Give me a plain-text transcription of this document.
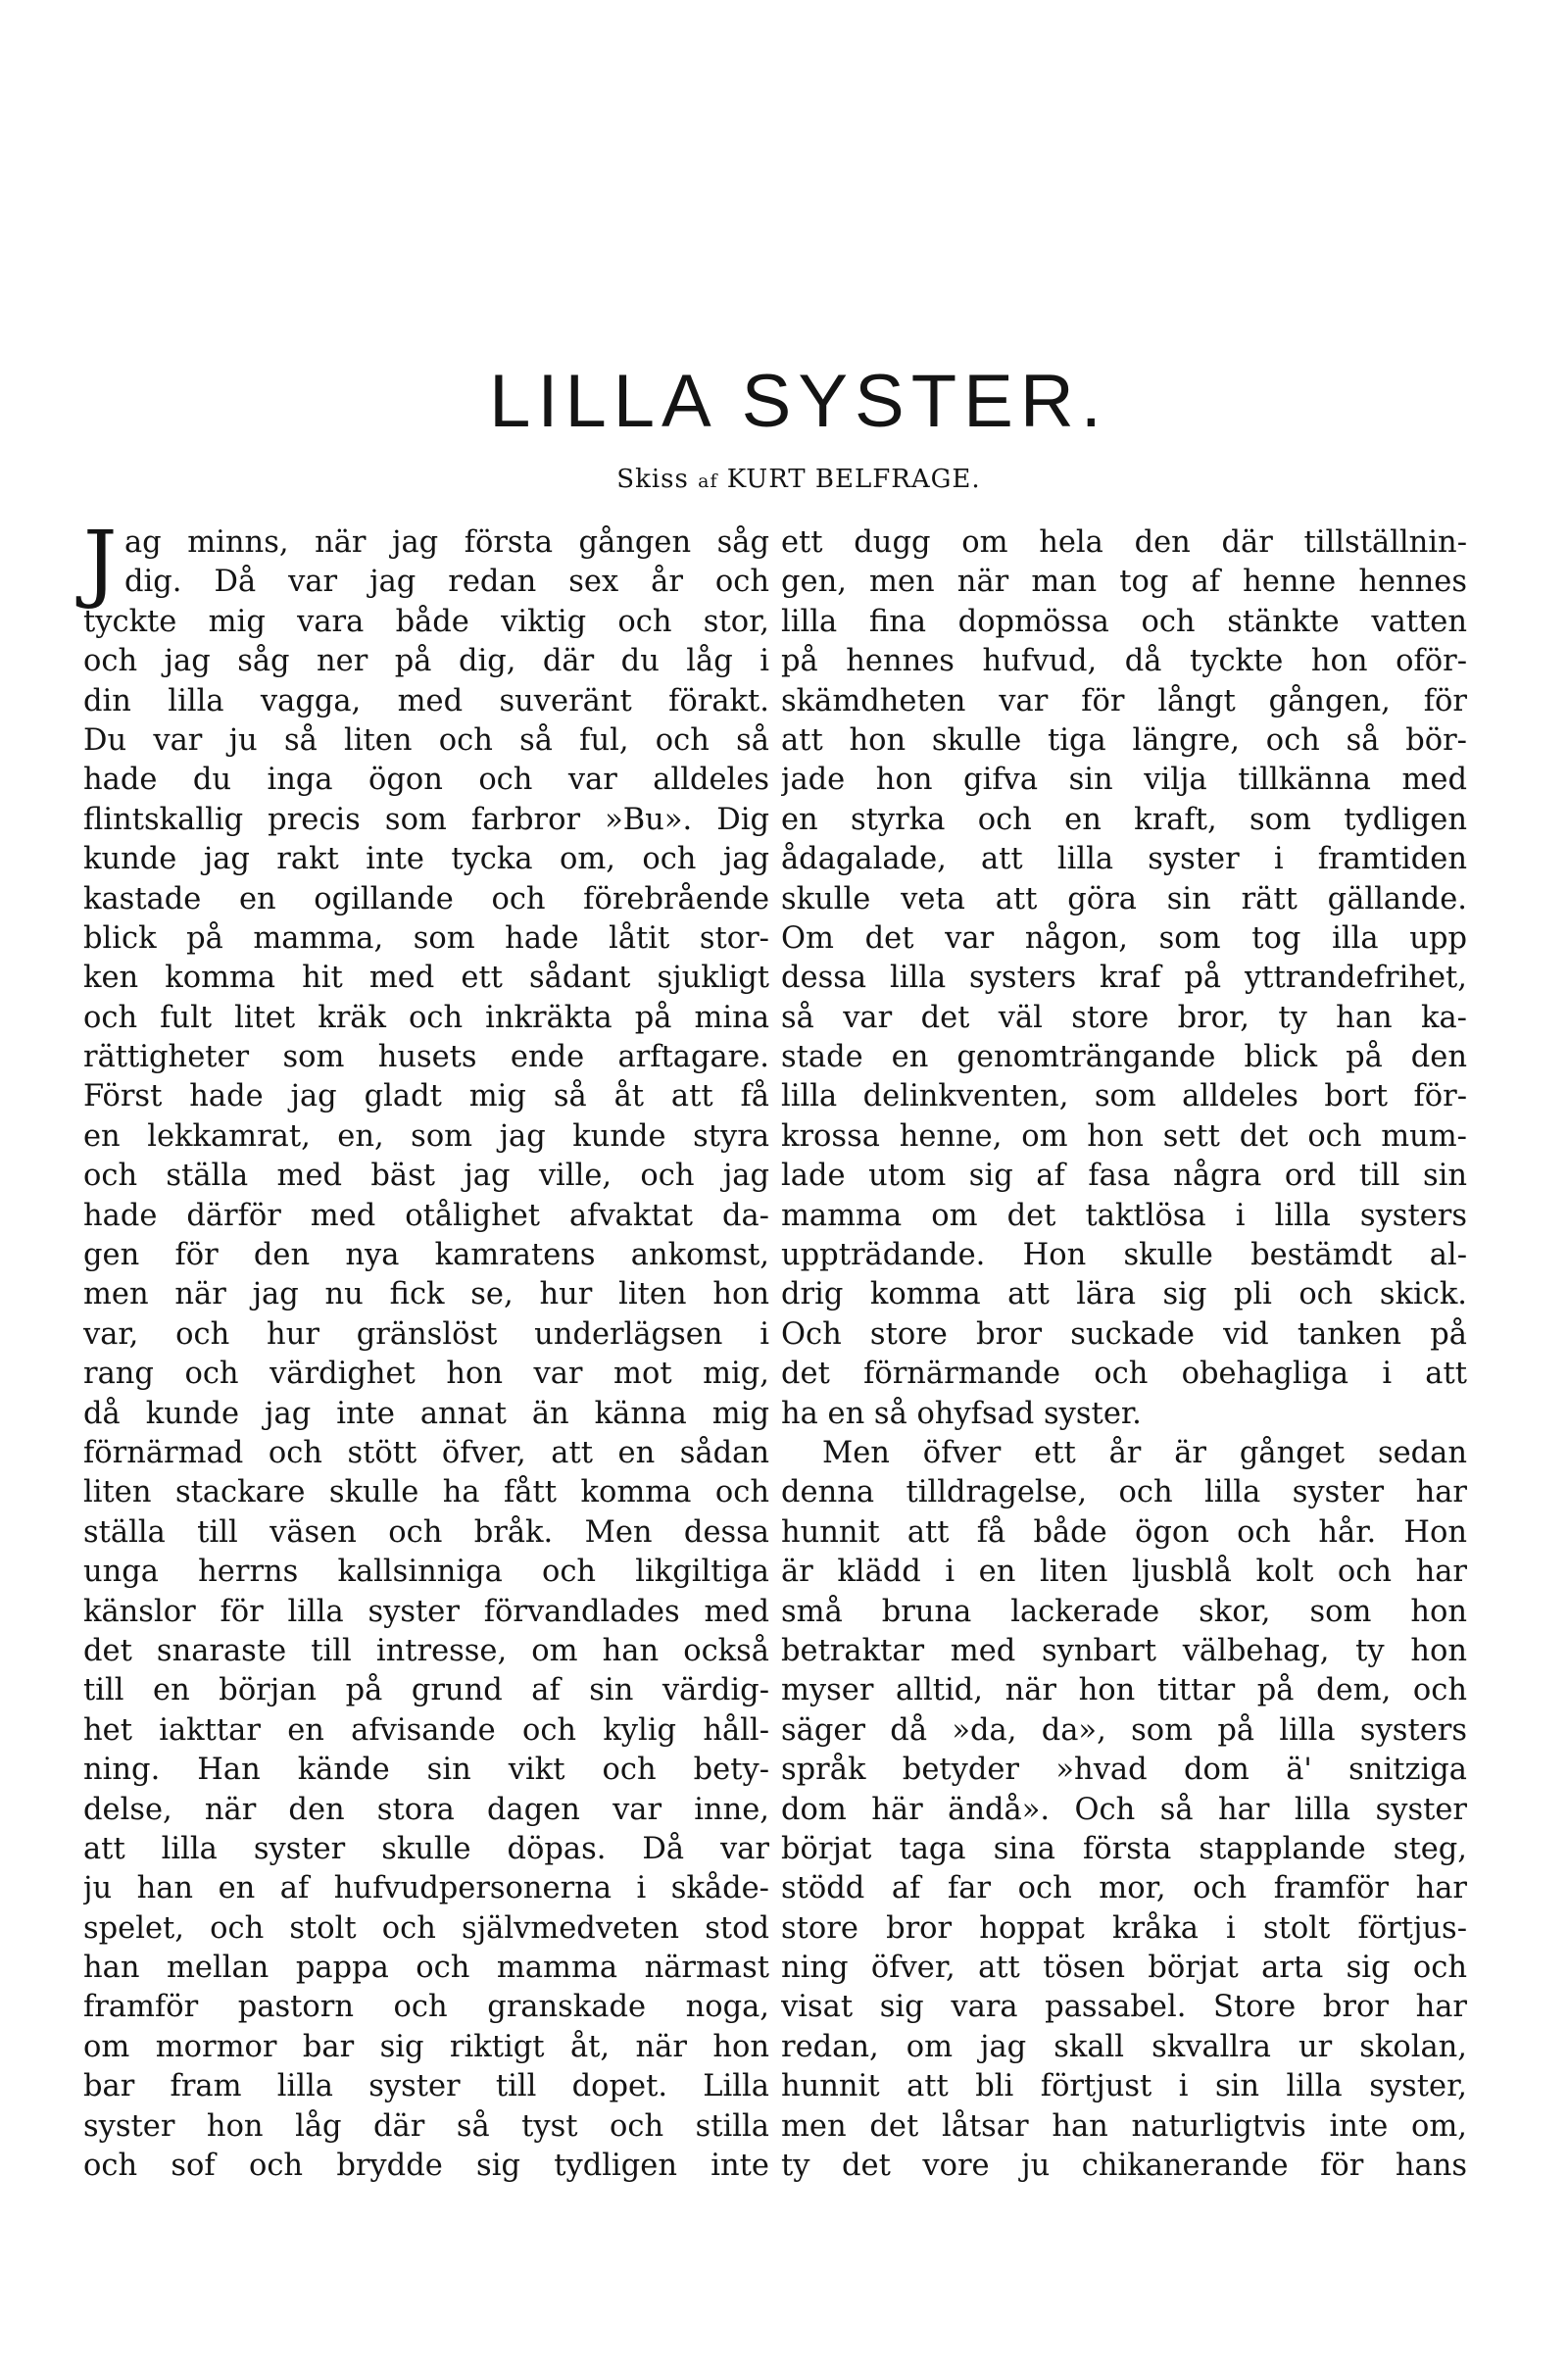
LILLA SYSTER.
Skiss af KURT BELFRAGE.
J ag minns, när jag första gången såg
dig. Då var jag redan sex år och
tyckte mig vara både viktig och stor,
och jag såg ner på dig, där du låg i
din lilla vagga, med suveränt förakt.
Du var ju så liten och så ful, och så
hade du inga ögon och var alldeles
flintskallig precis som farbror »Bu». Dig
kunde jag rakt inte tycka om, och jag
kastade en ogillande och förebrående
blick på mamma, som hade låtit stor-
ken komma hit med ett sådant sjukligt
och fult litet kräk och inkräkta på mina
rättigheter som husets ende arftagare.
Först hade jag gladt mig så åt att få
en lekkamrat, en, som jag kunde styra
och ställa med bäst jag ville, och jag
hade därför med otålighet afvaktat da-
gen för den nya kamratens ankomst,
men när jag nu fick se, hur liten hon
var, och hur gränslöst underlägsen i
rang och värdighet hon var mot mig,
då kunde jag inte annat än känna mig
förnärmad och stött öfver, att en sådan
liten stackare skulle ha fått komma och
ställa till väsen och bråk. Men dessa
unga herrns kallsinniga och likgiltiga
känslor för lilla syster förvandlades med
det snaraste till intresse, om han också
till en början på grund af sin värdig-
het iakttar en afvisande och kylig håll-
ning. Han kände sin vikt och bety-
delse, när den stora dagen var inne,
att lilla syster skulle döpas. Då var
ju han en af hufvudpersonerna i skåde-
spelet, och stolt och självmedveten stod
han mellan pappa och mamma närmast
framför pastorn och granskade noga,
om mormor bar sig riktigt åt, när hon
bar fram lilla syster till dopet. Lilla
syster hon låg där så tyst och stilla
och sof och brydde sig tydligen inte
ett dugg om hela den där tillställnin-
gen, men när man tog af henne hennes
lilla fina dopmössa och stänkte vatten
på hennes hufvud, då tyckte hon oför-
skämdheten var för långt gången, för
att hon skulle tiga längre, och så bör-
jade hon gifva sin vilja tillkänna med
en styrka och en kraft, som tydligen
ådagalade, att lilla syster i framtiden
skulle veta att göra sin rätt gällande.
Om det var någon, som tog illa upp
dessa lilla systers kraf på yttrandefrihet,
så var det väl store bror, ty han ka-
stade en genomträngande blick på den
lilla delinkventen, som alldeles bort för-
krossa henne, om hon sett det och mum-
lade utom sig af fasa några ord till sin
mamma om det taktlösa i lilla systers
uppträdande. Hon skulle bestämdt al-
drig komma att lära sig pli och skick.
Och store bror suckade vid tanken på
det förnärmande och obehagliga i att
ha en så ohyfsad syster.
Men öfver ett år är gånget sedan
denna tilldragelse, och lilla syster har
hunnit att få både ögon och hår. Hon
är klädd i en liten ljusblå kolt och har
små bruna lackerade skor, som hon
betraktar med synbart välbehag, ty hon
myser alltid, när hon tittar på dem, och
säger då »da, da», som på lilla systers
språk betyder »hvad dom ä' snitziga
dom här ändå». Och så har lilla syster
börjat taga sina första stapplande steg,
stödd af far och mor, och framför har
store bror hoppat kråka i stolt förtjus-
ning öfver, att tösen börjat arta sig och
visat sig vara passabel. Store bror har
redan, om jag skall skvallra ur skolan,
hunnit att bli förtjust i sin lilla syster,
men det låtsar han naturligtvis inte om,
ty det vore ju chikanerande för hans
